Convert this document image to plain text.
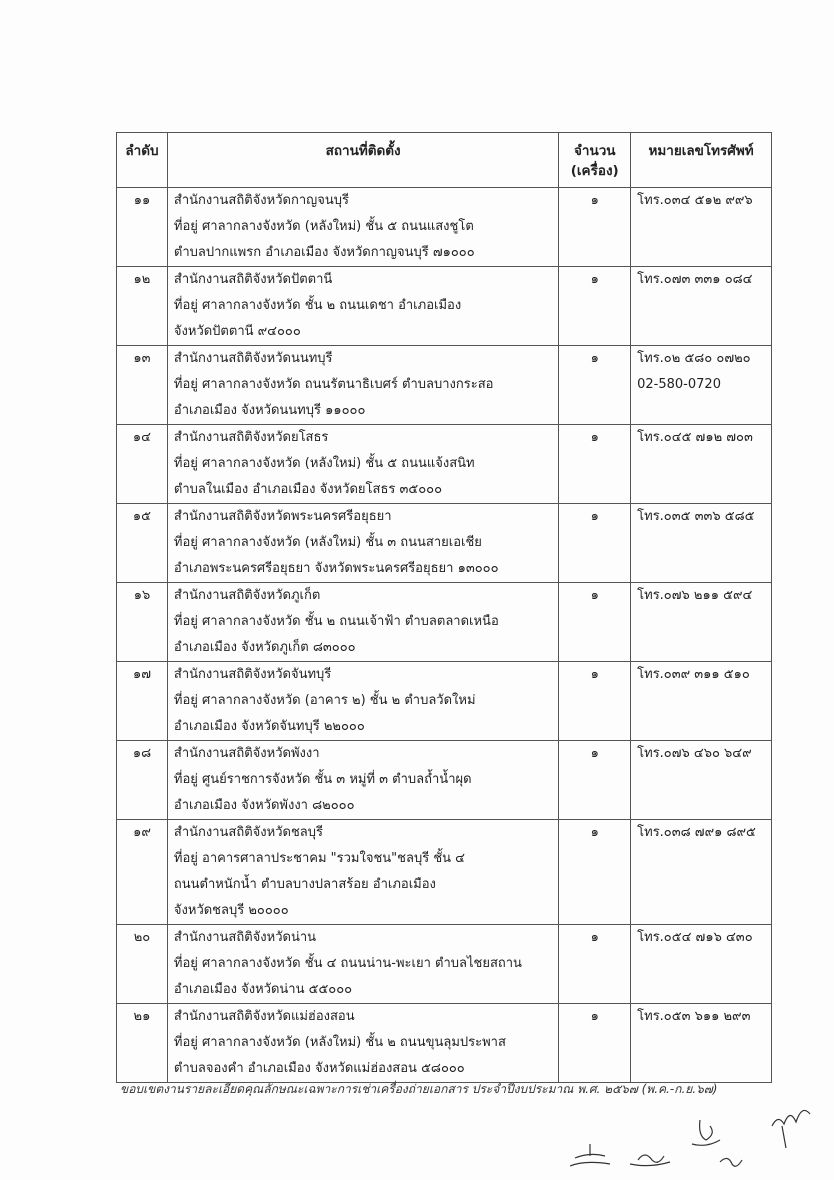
ลำดับ	สถานที่ติดตั้ง	จำนวน
(เครื่อง)	หมายเลขโทรศัพท์
๑๑	สำนักงานสถิติจังหวัดกาญจนบุรี
ที่อยู่ ศาลากลางจังหวัด (หลังใหม่) ชั้น ๕ ถนนแสงชูโต
ตำบลปากแพรก อำเภอเมือง จังหวัดกาญจนบุรี ๗๑๐๐๐	๑	โทร.๐๓๔ ๕๑๒ ๙๙๖

๑๒	สำนักงานสถิติจังหวัดปัตตานี
ที่อยู่ ศาลากลางจังหวัด ชั้น ๒ ถนนเดชา อำเภอเมือง
จังหวัดปัตตานี ๙๔๐๐๐	๑	โทร.๐๗๓ ๓๓๑ ๐๘๔

๑๓	สำนักงานสถิติจังหวัดนนทบุรี
ที่อยู่ ศาลากลางจังหวัด ถนนรัตนาธิเบศร์ ตำบลบางกระสอ
อำเภอเมือง จังหวัดนนทบุรี ๑๑๐๐๐	๑	โทร.๐๒ ๕๘๐ ๐๗๒๐
02-580-0720

๑๔	สำนักงานสถิติจังหวัดยโสธร
ที่อยู่ ศาลากลางจังหวัด (หลังใหม่) ชั้น ๕ ถนนแจ้งสนิท
ตำบลในเมือง อำเภอเมือง จังหวัดยโสธร ๓๕๐๐๐	๑	โทร.๐๔๕ ๗๑๒ ๗๐๓

๑๕	สำนักงานสถิติจังหวัดพระนครศรีอยุธยา
ที่อยู่ ศาลากลางจังหวัด (หลังใหม่) ชั้น ๓ ถนนสายเอเชีย
อำเภอพระนครศรีอยุธยา จังหวัดพระนครศรีอยุธยา ๑๓๐๐๐	๑	โทร.๐๓๕ ๓๓๖ ๕๘๕

๑๖	สำนักงานสถิติจังหวัดภูเก็ต
ที่อยู่ ศาลากลางจังหวัด ชั้น ๒ ถนนเจ้าฟ้า ตำบลตลาดเหนือ
อำเภอเมือง จังหวัดภูเก็ต ๘๓๐๐๐	๑	โทร.๐๗๖ ๒๑๑ ๕๙๔

๑๗	สำนักงานสถิติจังหวัดจันทบุรี
ที่อยู่ ศาลากลางจังหวัด (อาคาร ๒) ชั้น ๒ ตำบลวัดใหม่
อำเภอเมือง จังหวัดจันทบุรี ๒๒๐๐๐	๑	โทร.๐๓๙ ๓๑๑ ๕๑๐

๑๘	สำนักงานสถิติจังหวัดพังงา
ที่อยู่ ศูนย์ราชการจังหวัด ชั้น ๓ หมู่ที่ ๓ ตำบลถ้ำน้ำผุด
อำเภอเมือง จังหวัดพังงา ๘๒๐๐๐	๑	โทร.๐๗๖ ๔๖๐ ๖๔๙

๑๙	สำนักงานสถิติจังหวัดชลบุรี
ที่อยู่ อาคารศาลาประชาคม "รวมใจชน"ชลบุรี ชั้น ๔
ถนนตำหนักน้ำ ตำบลบางปลาสร้อย อำเภอเมือง
จังหวัดชลบุรี ๒๐๐๐๐	๑	โทร.๐๓๘ ๗๙๑ ๘๙๕

๒๐	สำนักงานสถิติจังหวัดน่าน
ที่อยู่ ศาลากลางจังหวัด ชั้น ๔ ถนนน่าน-พะเยา ตำบลไชยสถาน
อำเภอเมือง จังหวัดน่าน ๕๕๐๐๐	๑	โทร.๐๕๔ ๗๑๖ ๔๓๐

๒๑	สำนักงานสถิติจังหวัดแม่ฮ่องสอน
ที่อยู่ ศาลากลางจังหวัด (หลังใหม่) ชั้น ๒ ถนนขุนลุมประพาส
ตำบลจองคำ อำเภอเมือง จังหวัดแม่ฮ่องสอน ๕๘๐๐๐	๑	โทร.๐๕๓ ๖๑๑ ๒๙๓
ขอบเขตงานรายละเอียดคุณลักษณะเฉพาะการเช่าเครื่องถ่ายเอกสาร ประจำปีงบประมาณ พ.ศ. ๒๕๖๗ (พ.ค.-ก.ย.๖๗)
